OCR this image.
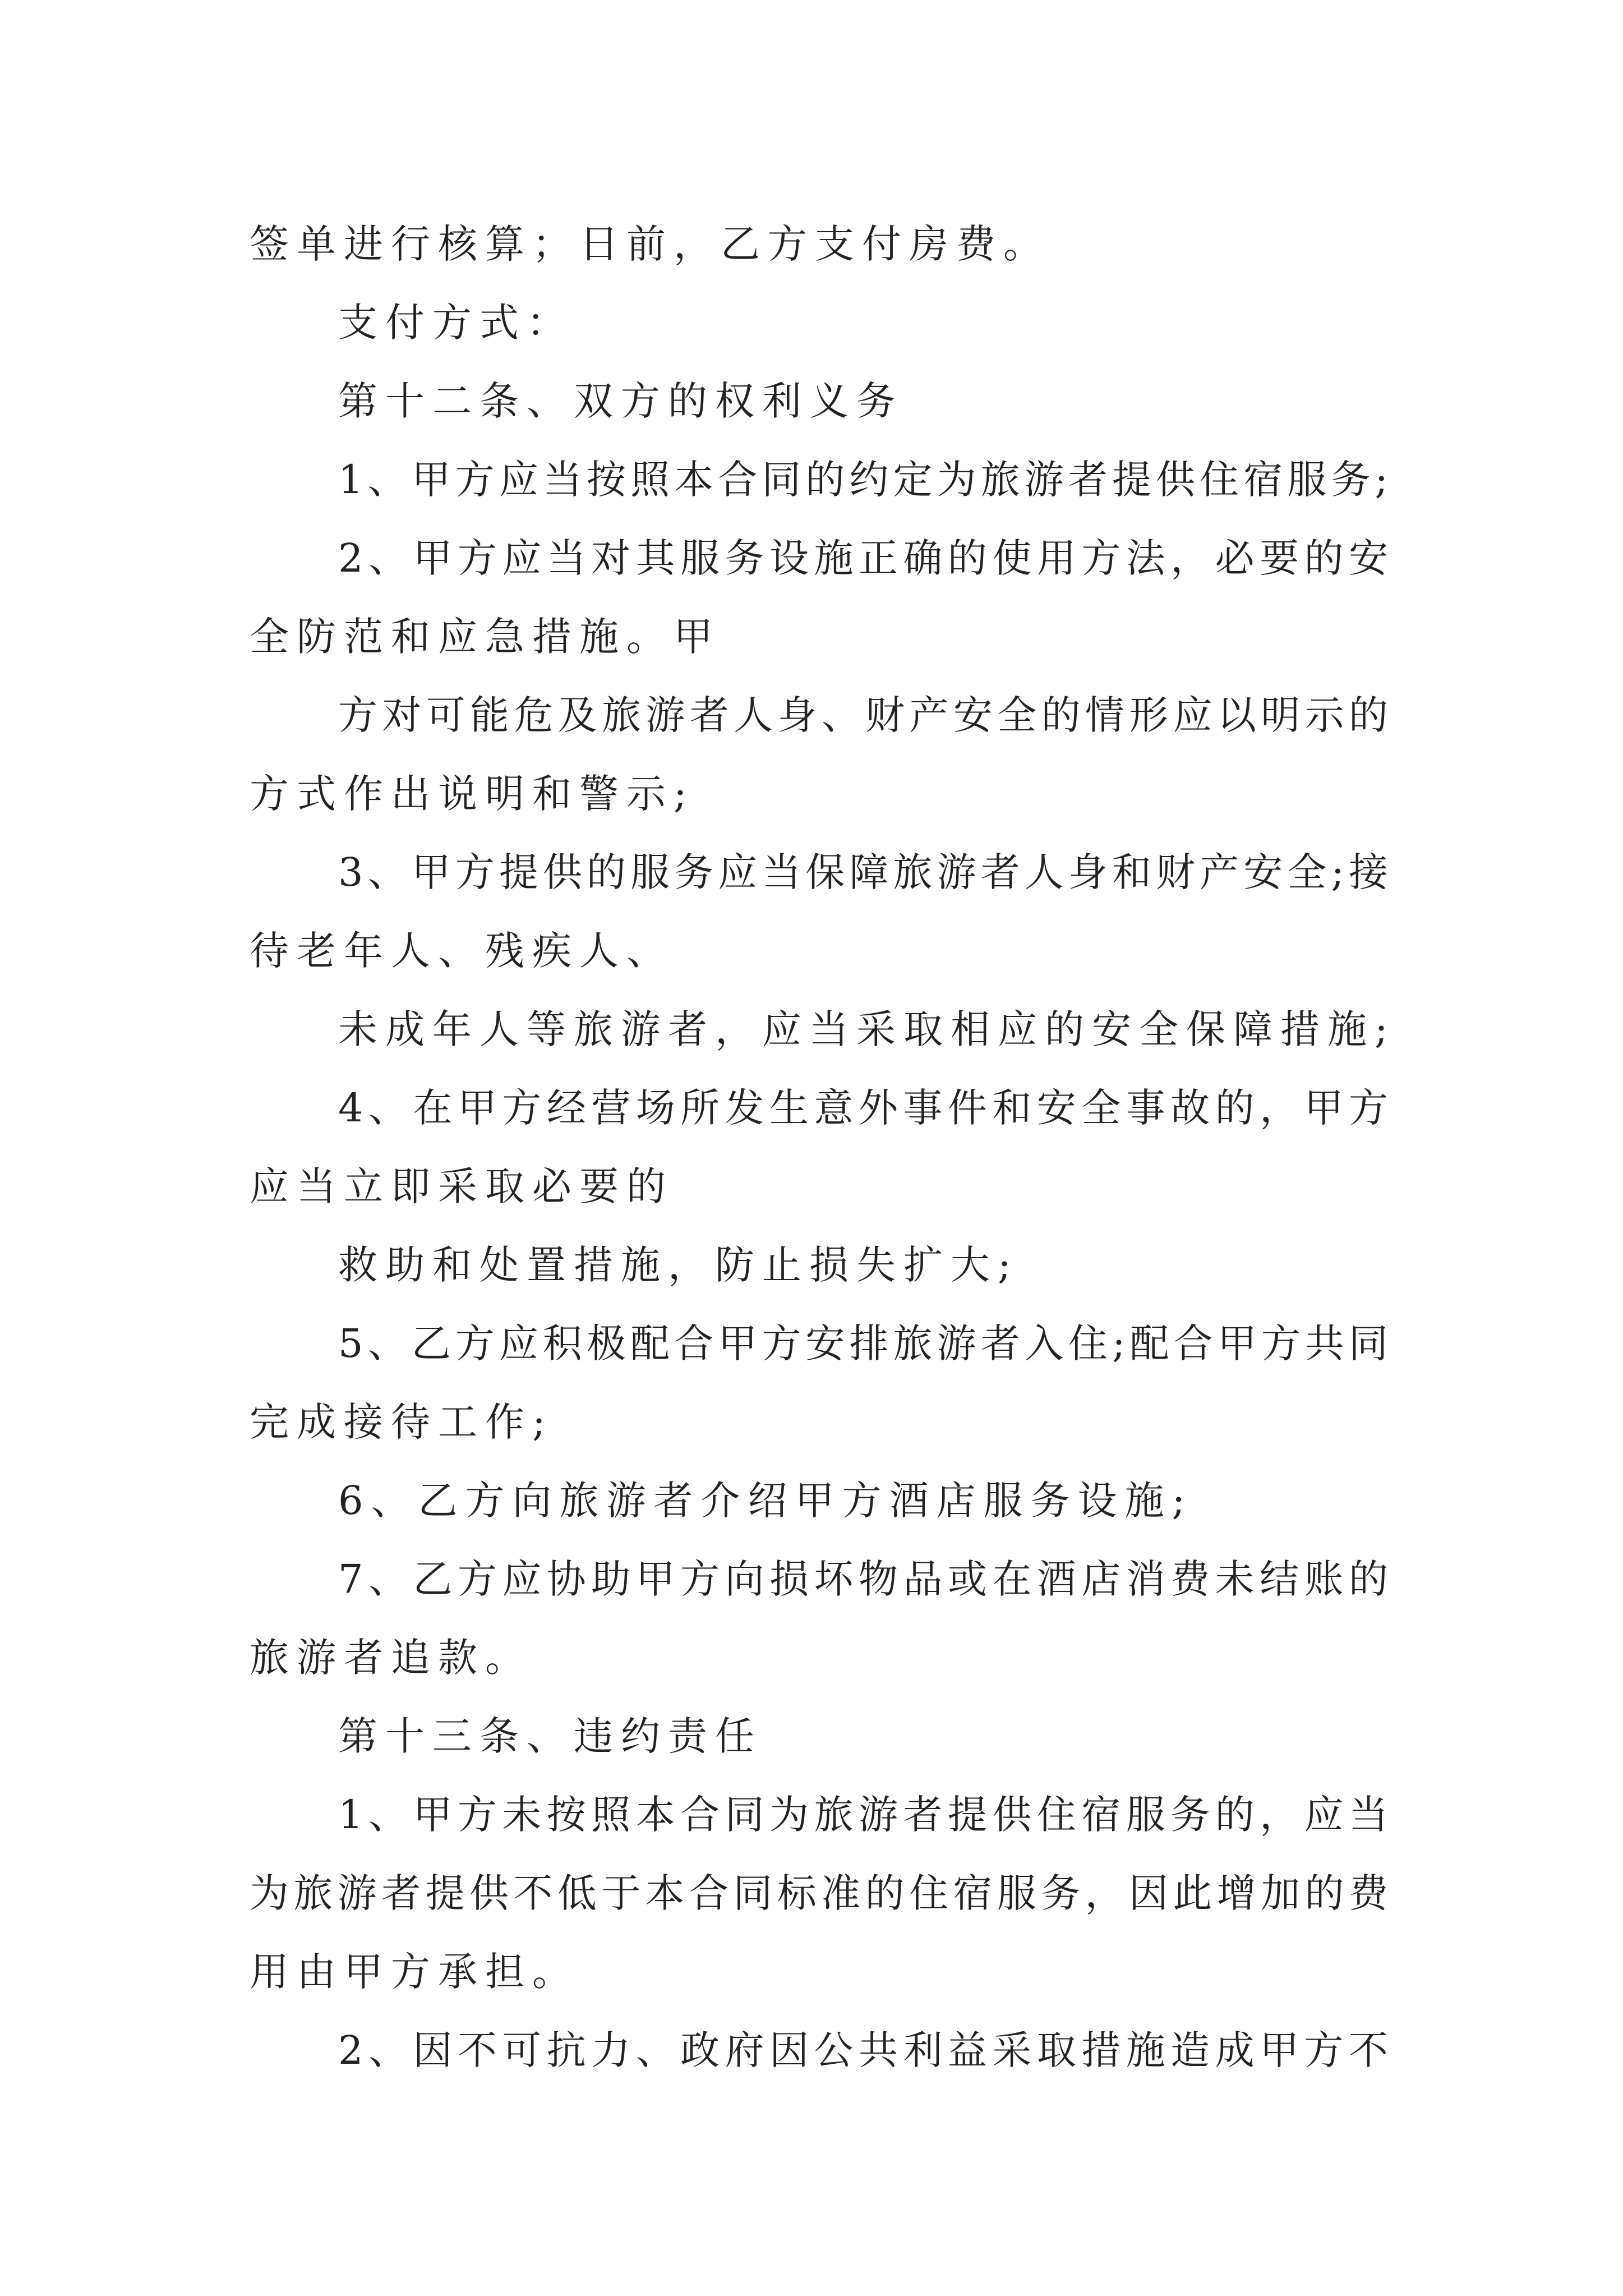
签单进行核算；日前，乙方支付房费。
支付方式：
第十二条、双方的权利义务
1、甲方应当按照本合同的约定为旅游者提供住宿服务;
2、甲方应当对其服务设施正确的使用方法，必要的安
全防范和应急措施。甲
方对可能危及旅游者人身、财产安全的情形应以明示的
方式作出说明和警示;
3、甲方提供的服务应当保障旅游者人身和财产安全;接
待老年人、残疾人、
未成年人等旅游者，应当采取相应的安全保障措施;
4、在甲方经营场所发生意外事件和安全事故的，甲方
应当立即采取必要的
救助和处置措施，防止损失扩大;
5、乙方应积极配合甲方安排旅游者入住;配合甲方共同
完成接待工作;
6、乙方向旅游者介绍甲方酒店服务设施;
7、乙方应协助甲方向损坏物品或在酒店消费未结账的
旅游者追款。
第十三条、违约责任
1、甲方未按照本合同为旅游者提供住宿服务的，应当
为旅游者提供不低于本合同标准的住宿服务，因此增加的费
用由甲方承担。
2、因不可抗力、政府因公共利益采取措施造成甲方不
